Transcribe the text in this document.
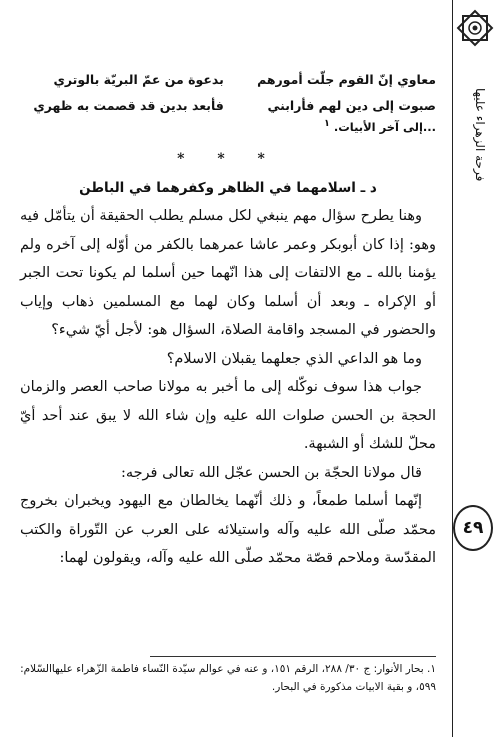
فرحة الزهراء عليها
٤٩
معاوي إنّ القوم جلّت أمورهم
بدعوة من عمّ البريّة بالوتري
صبوت إلى دين لهم فأرابني
فأبعد بدين قد قصمت به ظهري
...إلى آخر الأبيات. $^١$
* * *
د ـ اسلامهما في الظاهر وكفرهما في الباطن

وهنا يطرح سؤال مهم ينبغي لكل مسلم يطلب الحقيقة أن يتأمّل فيه وهو: إذا كان أبوبكر وعمر عاشا عمرهما بالكفر من أوّله إلى آخره ولم يؤمنا بالله ـ مع الالتفات إلى هذا انّهما حين أسلما لم يكونا تحت الجبر أو الإكراه ـ وبعد أن أسلما وكان لهما مع المسلمين ذهاب وإياب والحضور في المسجد واقامة الصلاة، السؤال هو: لأجل أيّ شيء؟

وما هو الداعي الذي جعلهما يقبلان الاسلام؟

جواب هذا سوف نوكّله إلى ما أخبر به مولانا صاحب العصر والزمان الحجة بن الحسن صلوات الله عليه وإن شاء الله لا يبق عند أحد أيّ محلّ للشك أو الشبهة.

قال مولانا الحجّة بن الحسن عجّل الله تعالى فرجه:

إنّهما أسلما طمعاً، و ذلك أنّهما يخالطان مع اليهود ويخبران بخروج محمّد صلّى الله عليه وآله واستيلائه على العرب عن التّوراة والكتب المقدّسة وملاحم قصّة محمّد صلّى الله عليه وآله، ويقولون لهما:

١. بحار الأنوار: ج ٣٠/ ٢٨٨، الرقم ١٥١، و عنه في عوالم سيّدة النّساء فاطمة الزّهراء عليهاالسّلام: ٥٩٩، و بقية الابيات مذكورة في البحار.
